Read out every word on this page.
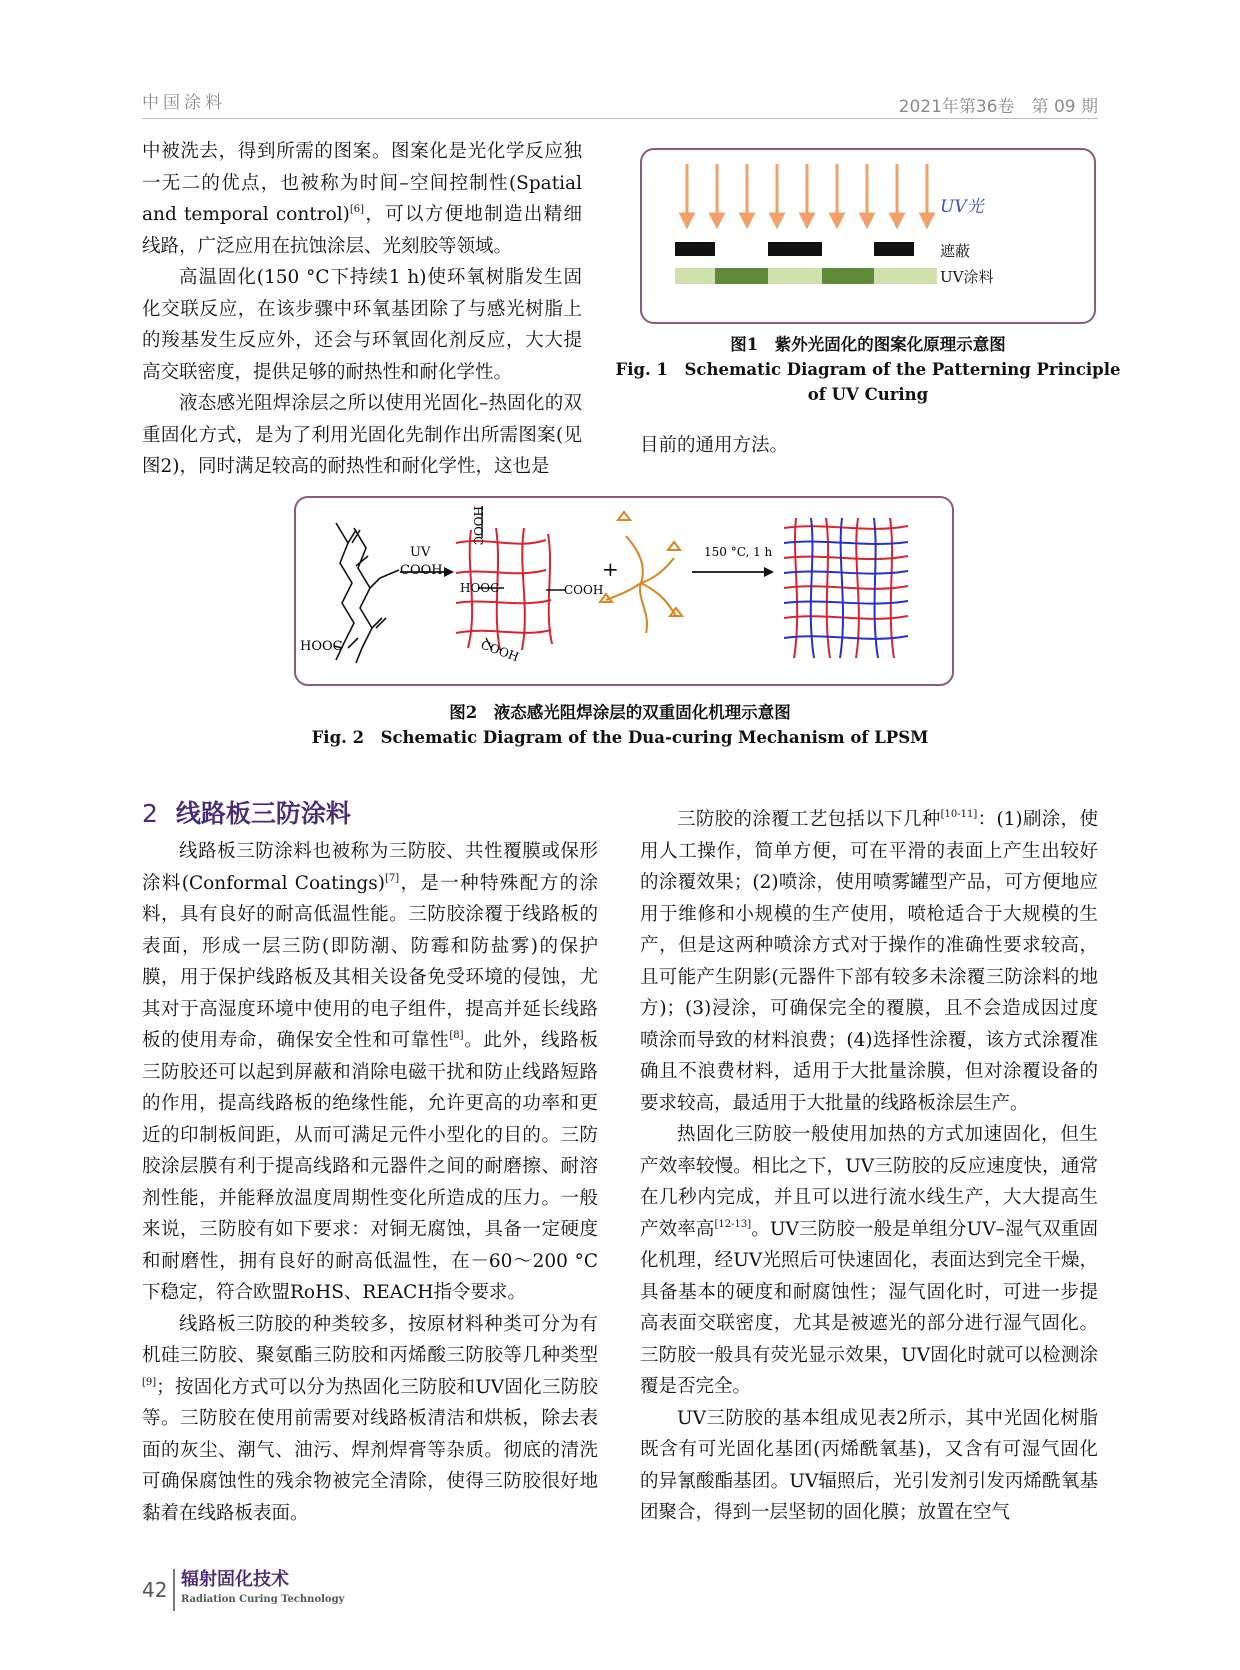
中国涂料	2021年第36卷　第 09 期

中被洗去，得到所需的图案。图案化是光化学反应独一无二的优点，也被称为时间–空间控制性(Spatial and temporal control)[6]，可以方便地制造出精细线路，广泛应用在抗蚀涂层、光刻胶等领域。

高温固化(150 °C下持续1 h)使环氧树脂发生固化交联反应，在该步骤中环氧基团除了与感光树脂上的羧基发生反应外，还会与环氧固化剂反应，大大提高交联密度，提供足够的耐热性和耐化学性。

液态感光阻焊涂层之所以使用光固化–热固化的双重固化方式，是为了利用光固化先制作出所需图案(见图2)，同时满足较高的耐热性和耐化学性，这也是

UV光
遮蔽
UV涂料
图1　紫外光固化的图案化原理示意图
Fig. 1　Schematic Diagram of the Patterning Principle of UV Curing

目前的通用方法。

COOH
HOOC
UV
HOOC
HOOC	COOH
COOH
+
150 °C, 1 h
图2　液态感光阻焊涂层的双重固化机理示意图
Fig. 2　Schematic Diagram of the Dua-curing Mechanism of LPSM
2 线路板三防涂料

线路板三防涂料也被称为三防胶、共性覆膜或保形涂料(Conformal Coatings)[7]，是一种特殊配方的涂料，具有良好的耐高低温性能。三防胶涂覆于线路板的表面，形成一层三防(即防潮、防霉和防盐雾)的保护膜，用于保护线路板及其相关设备免受环境的侵蚀，尤其对于高湿度环境中使用的电子组件，提高并延长线路板的使用寿命，确保安全性和可靠性[8]。此外，线路板三防胶还可以起到屏蔽和消除电磁干扰和防止线路短路的作用，提高线路板的绝缘性能，允许更高的功率和更近的印制板间距，从而可满足元件小型化的目的。三防胶涂层膜有利于提高线路和元器件之间的耐磨擦、耐溶剂性能，并能释放温度周期性变化所造成的压力。一般来说，三防胶有如下要求：对铜无腐蚀，具备一定硬度和耐磨性，拥有良好的耐高低温性，在－60～200 °C下稳定，符合欧盟RoHS、REACH指令要求。

线路板三防胶的种类较多，按原材料种类可分为有机硅三防胶、聚氨酯三防胶和丙烯酸三防胶等几种类型[9]；按固化方式可以分为热固化三防胶和UV固化三防胶等。三防胶在使用前需要对线路板清洁和烘板，除去表面的灰尘、潮气、油污、焊剂焊膏等杂质。彻底的清洗可确保腐蚀性的残余物被完全清除，使得三防胶很好地黏着在线路板表面。

三防胶的涂覆工艺包括以下几种[10-11]：(1)刷涂，使用人工操作，简单方便，可在平滑的表面上产生出较好的涂覆效果；(2)喷涂，使用喷雾罐型产品，可方便地应用于维修和小规模的生产使用，喷枪适合于大规模的生产，但是这两种喷涂方式对于操作的准确性要求较高，且可能产生阴影(元器件下部有较多未涂覆三防涂料的地方)；(3)浸涂，可确保完全的覆膜，且不会造成因过度喷涂而导致的材料浪费；(4)选择性涂覆，该方式涂覆准确且不浪费材料，适用于大批量涂膜，但对涂覆设备的要求较高，最适用于大批量的线路板涂层生产。

热固化三防胶一般使用加热的方式加速固化，但生产效率较慢。相比之下，UV三防胶的反应速度快，通常在几秒内完成，并且可以进行流水线生产，大大提高生产效率高[12-13]。UV三防胶一般是单组分UV–湿气双重固化机理，经UV光照后可快速固化，表面达到完全干燥，具备基本的硬度和耐腐蚀性；湿气固化时，可进一步提高表面交联密度，尤其是被遮光的部分进行湿气固化。三防胶一般具有荧光显示效果，UV固化时就可以检测涂覆是否完全。

UV三防胶的基本组成见表2所示，其中光固化树脂既含有可光固化基团(丙烯酰氧基)，又含有可湿气固化的异氰酸酯基团。UV辐照后，光引发剂引发丙烯酰氧基团聚合，得到一层坚韧的固化膜；放置在空气

42 辐射固化技术
Radiation Curing Technology
